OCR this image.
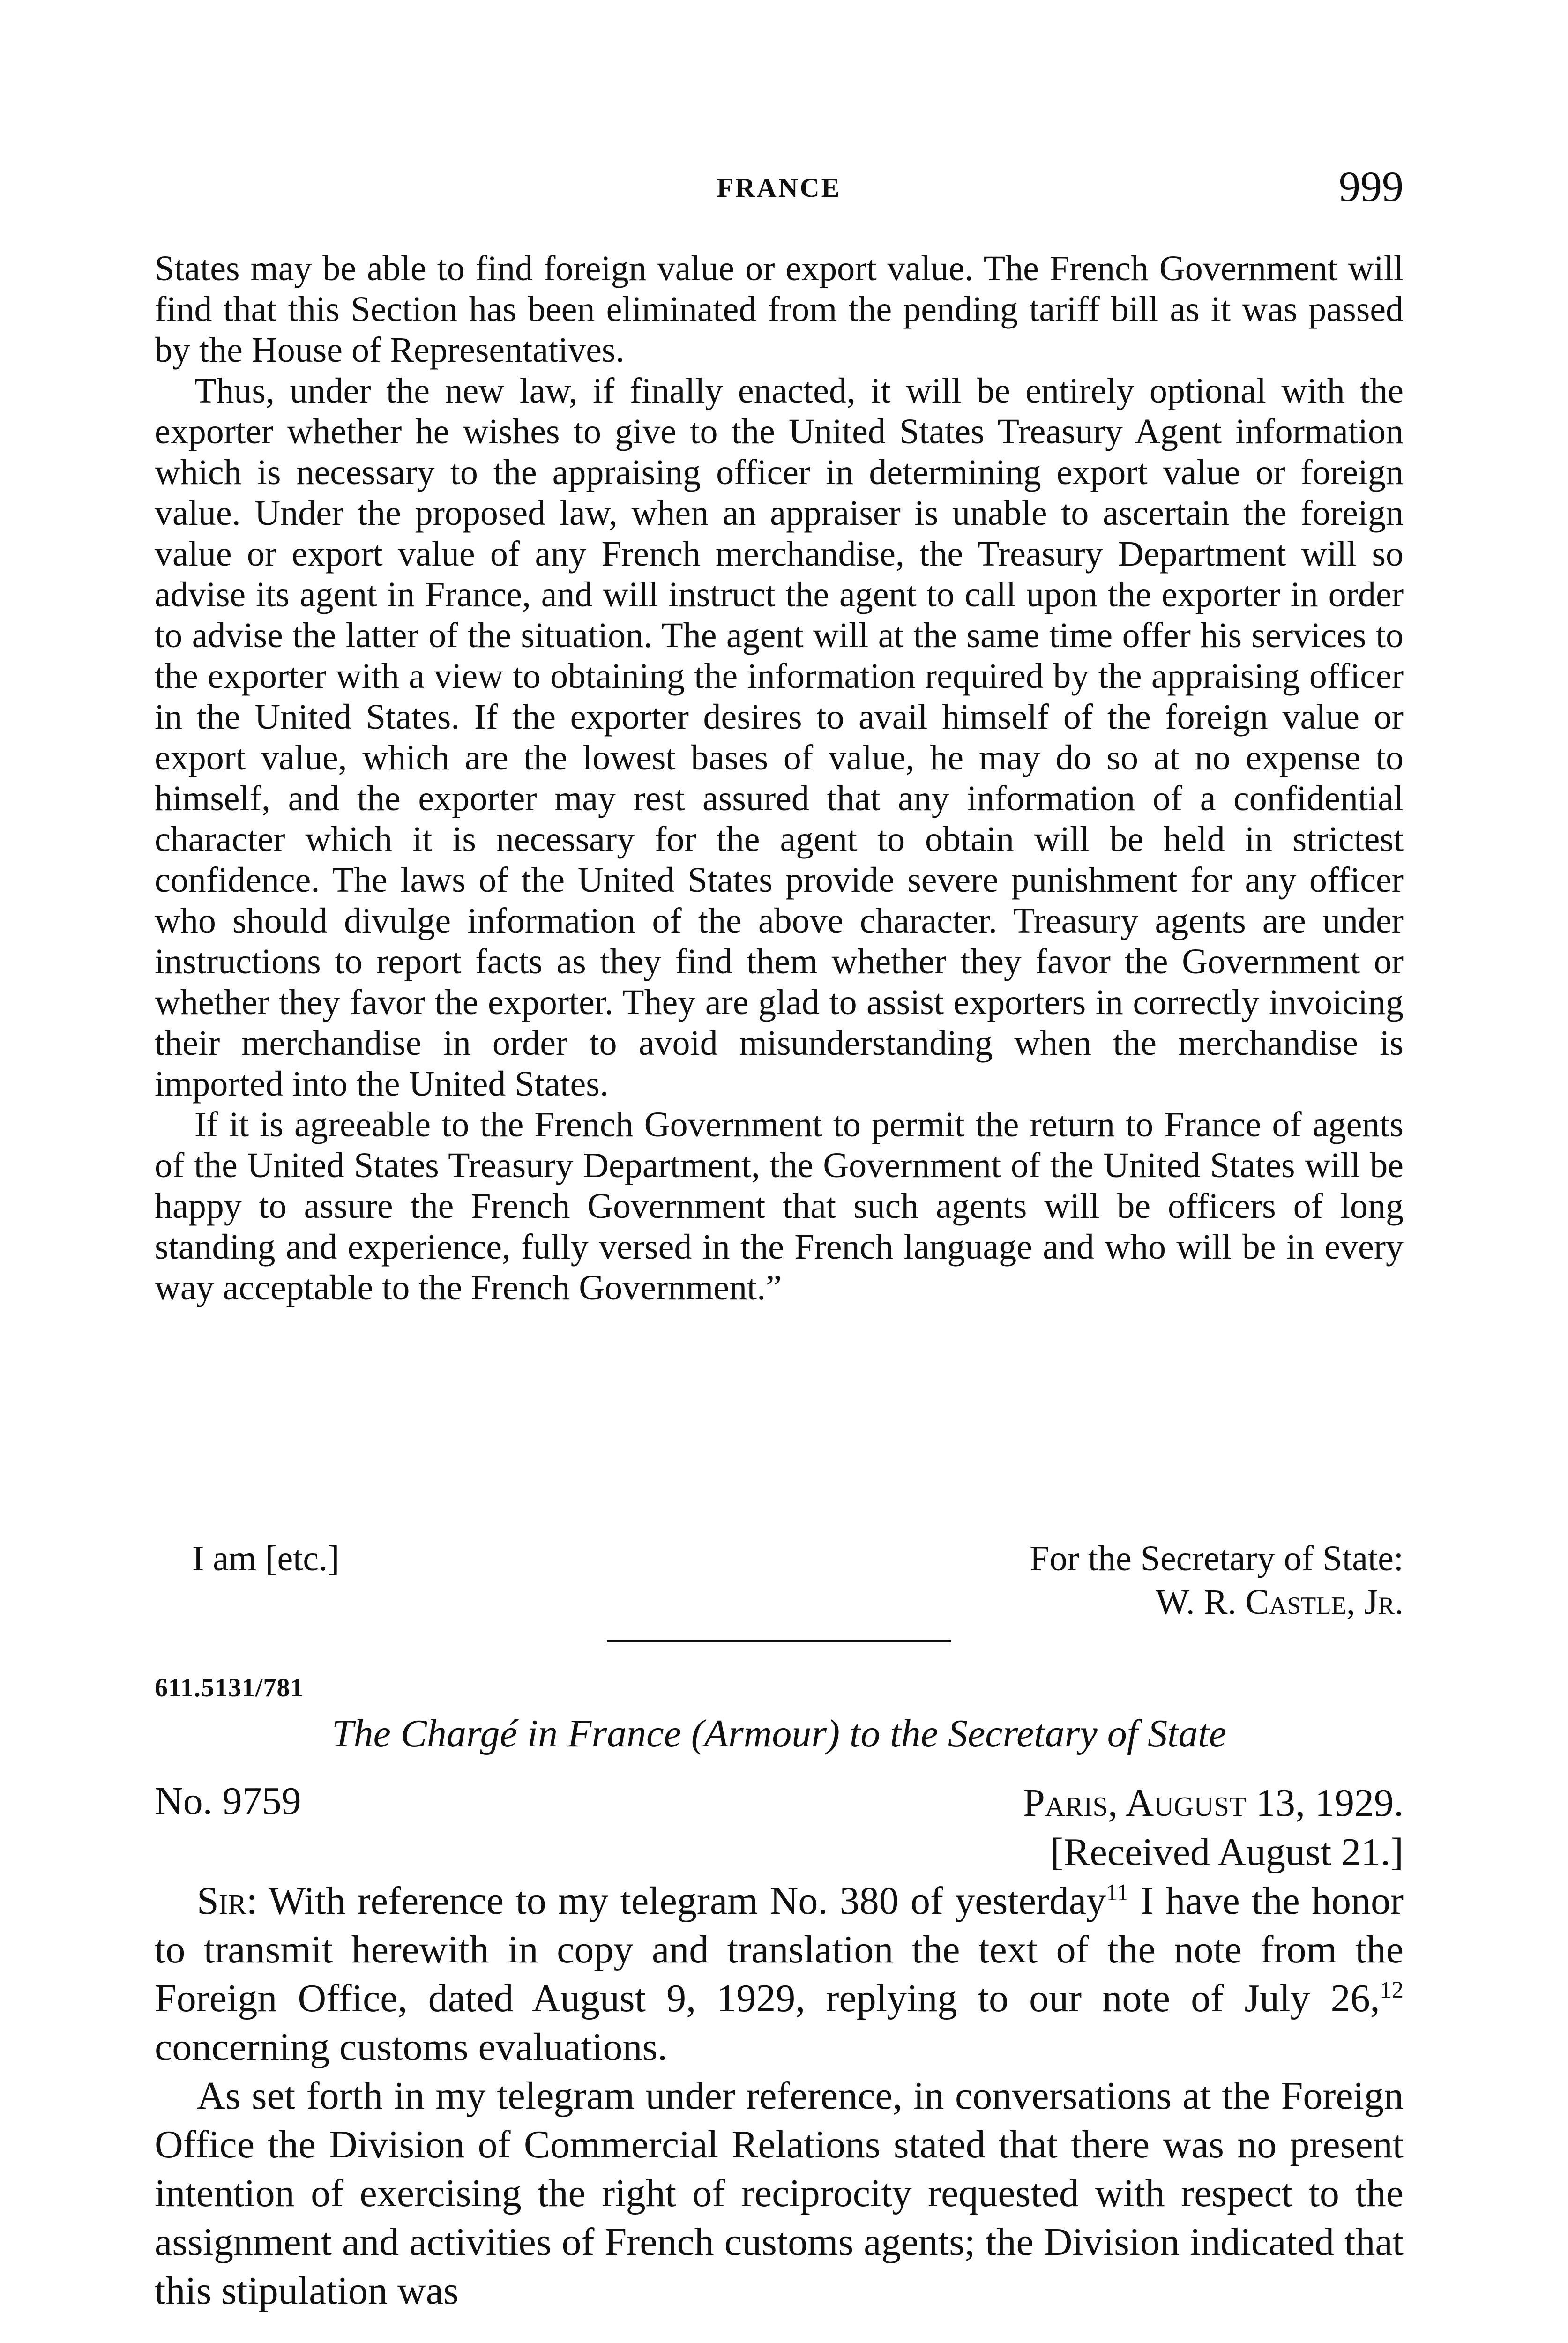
FRANCE	999

States may be able to find foreign value or export value. The French Government will find that this Section has been eliminated from the pending tariff bill as it was passed by the House of Representatives.

Thus, under the new law, if finally enacted, it will be entirely optional with the exporter whether he wishes to give to the United States Treasury Agent information which is necessary to the appraising officer in determining export value or foreign value. Under the proposed law, when an appraiser is unable to ascertain the foreign value or export value of any French merchandise, the Treasury Department will so advise its agent in France, and will instruct the agent to call upon the exporter in order to advise the latter of the situation. The agent will at the same time offer his services to the exporter with a view to obtaining the information required by the appraising officer in the United States. If the exporter desires to avail himself of the foreign value or export value, which are the lowest bases of value, he may do so at no expense to himself, and the exporter may rest assured that any information of a confidential character which it is necessary for the agent to obtain will be held in strictest confidence. The laws of the United States provide severe punishment for any officer who should divulge information of the above character. Treasury agents are under instructions to report facts as they find them whether they favor the Government or whether they favor the exporter. They are glad to assist exporters in correctly invoicing their merchandise in order to avoid misunderstanding when the merchandise is imported into the United States.

If it is agreeable to the French Government to permit the return to France of agents of the United States Treasury Department, the Government of the United States will be happy to assure the French Government that such agents will be officers of long standing and experience, fully versed in the French language and who will be in every way acceptable to the French Government.”

I am [etc.]	For the Secretary of State:
W. R. Castle, Jr.
611.5131/781
The Chargé in France (Armour) to the Secretary of State
No. 9759	Paris, August 13, 1929.
[Received August 21.]

Sir: With reference to my telegram No. 380 of yesterday$^{11}$ I have the honor to transmit herewith in copy and translation the text of the note from the Foreign Office, dated August 9, 1929, replying to our note of July 26,12 concerning customs evaluations.

As set forth in my telegram under reference, in conversations at the Foreign Office the Division of Commercial Relations stated that there was no present intention of exercising the right of reciprocity requested with respect to the assignment and activities of French customs agents; the Division indicated that this stipulation was
